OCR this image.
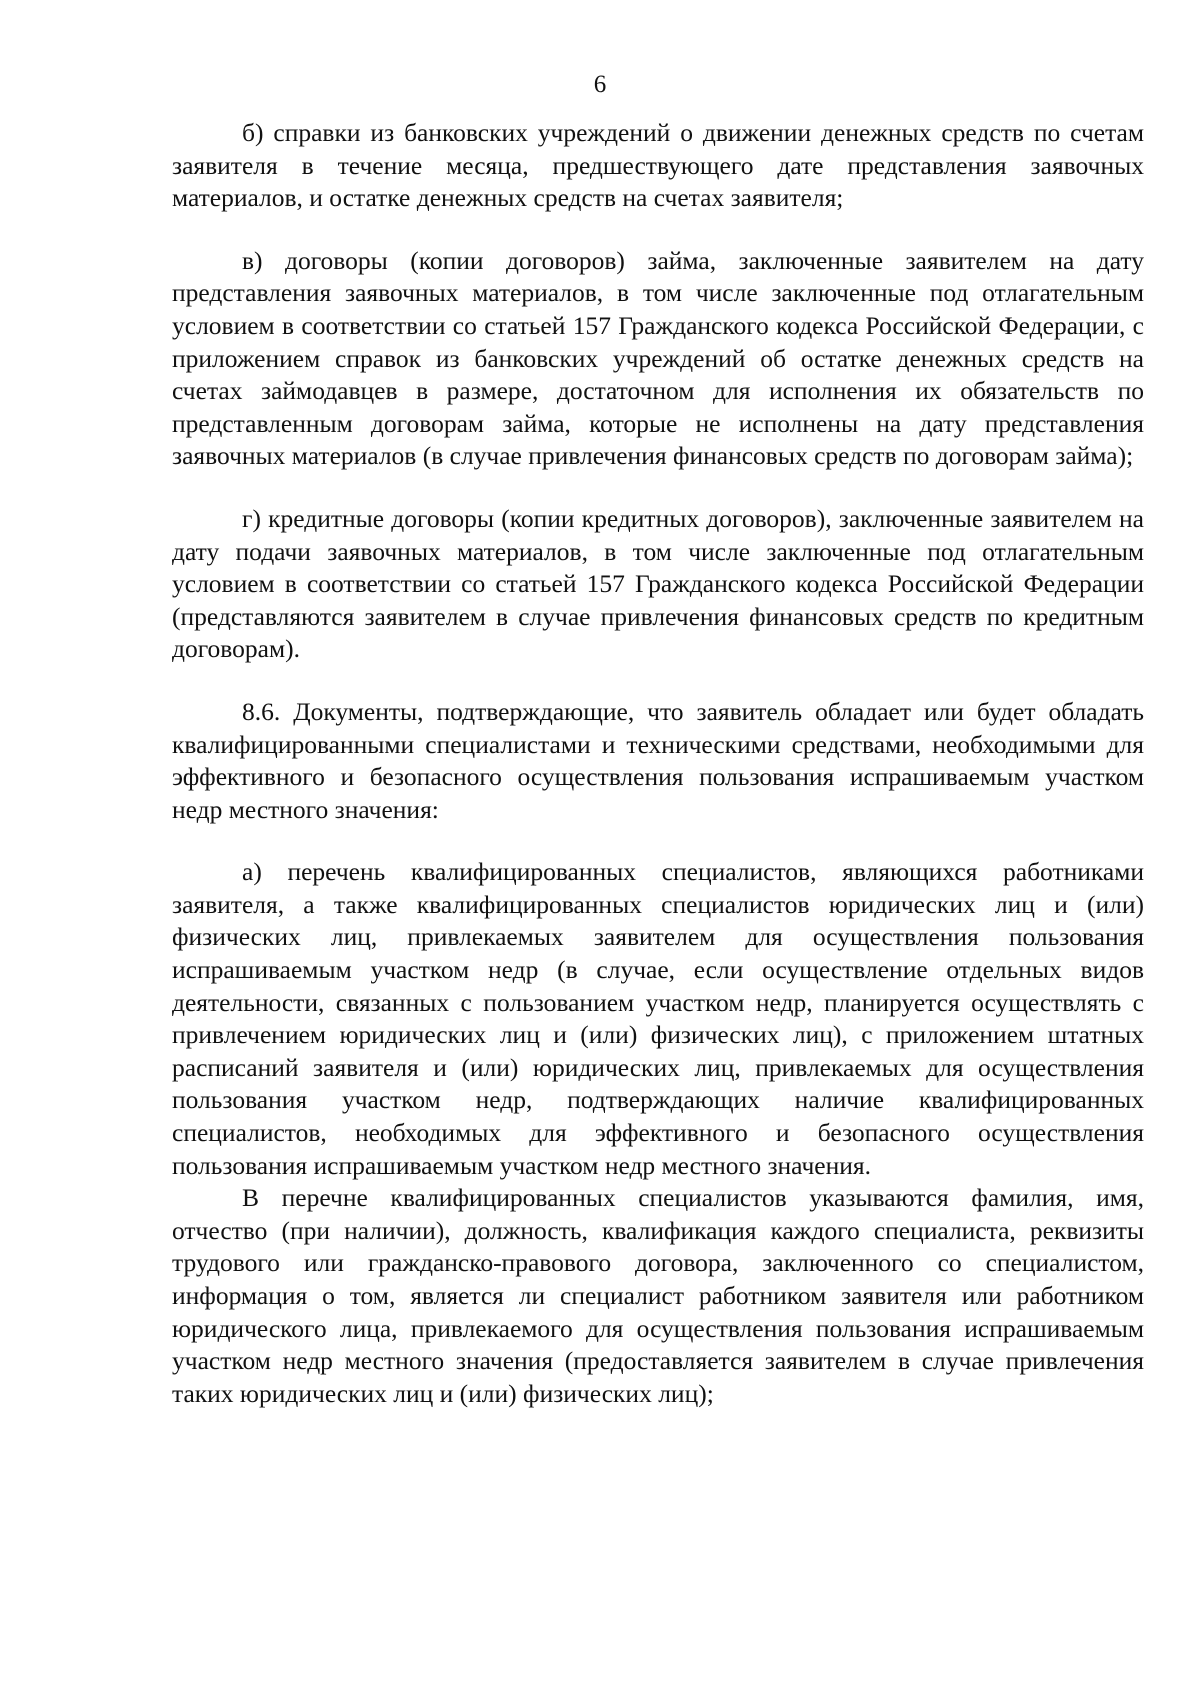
6

б) справки из банковских учреждений о движении денежных средств по счетам заявителя в течение месяца, предшествующего дате представления заявочных материалов, и остатке денежных средств на счетах заявителя;

в) договоры (копии договоров) займа, заключенные заявителем на дату представления заявочных материалов, в том числе заключенные под отлагательным условием в соответствии со статьей 157 Гражданского кодекса Российской Федерации, с приложением справок из банковских учреждений об остатке денежных средств на счетах займодавцев в размере, достаточном для исполнения их обязательств по представленным договорам займа, которые не исполнены на дату представления заявочных материалов (в случае привлечения финансовых средств по договорам займа);

г) кредитные договоры (копии кредитных договоров), заключенные заявителем на дату подачи заявочных материалов, в том числе заключенные под отлагательным условием в соответствии со статьей 157 Гражданского кодекса Российской Федерации (представляются заявителем в случае привлечения финансовых средств по кредитным договорам).

8.6. Документы, подтверждающие, что заявитель обладает или будет обладать квалифицированными специалистами и техническими средствами, необходимыми для эффективного и безопасного осуществления пользования испрашиваемым участком недр местного значения:

а) перечень квалифицированных специалистов, являющихся работниками заявителя, а также квалифицированных специалистов юридических лиц и (или) физических лиц, привлекаемых заявителем для осуществления пользования испрашиваемым участком недр (в случае, если осуществление отдельных видов деятельности, связанных с пользованием участком недр, планируется осуществлять с привлечением юридических лиц и (или) физических лиц), с приложением штатных расписаний заявителя и (или) юридических лиц, привлекаемых для осуществления пользования участком недр, подтверждающих наличие квалифицированных специалистов, необходимых для эффективного и безопасного осуществления пользования испрашиваемым участком недр местного значения.

В перечне квалифицированных специалистов указываются фамилия, имя, отчество (при наличии), должность, квалификация каждого специалиста, реквизиты трудового или гражданско-правового договора, заключенного со специалистом, информация о том, является ли специалист работником заявителя или работником юридического лица, привлекаемого для осуществления пользования испрашиваемым участком недр местного значения (предоставляется заявителем в случае привлечения таких юридических лиц и (или) физических лиц);
